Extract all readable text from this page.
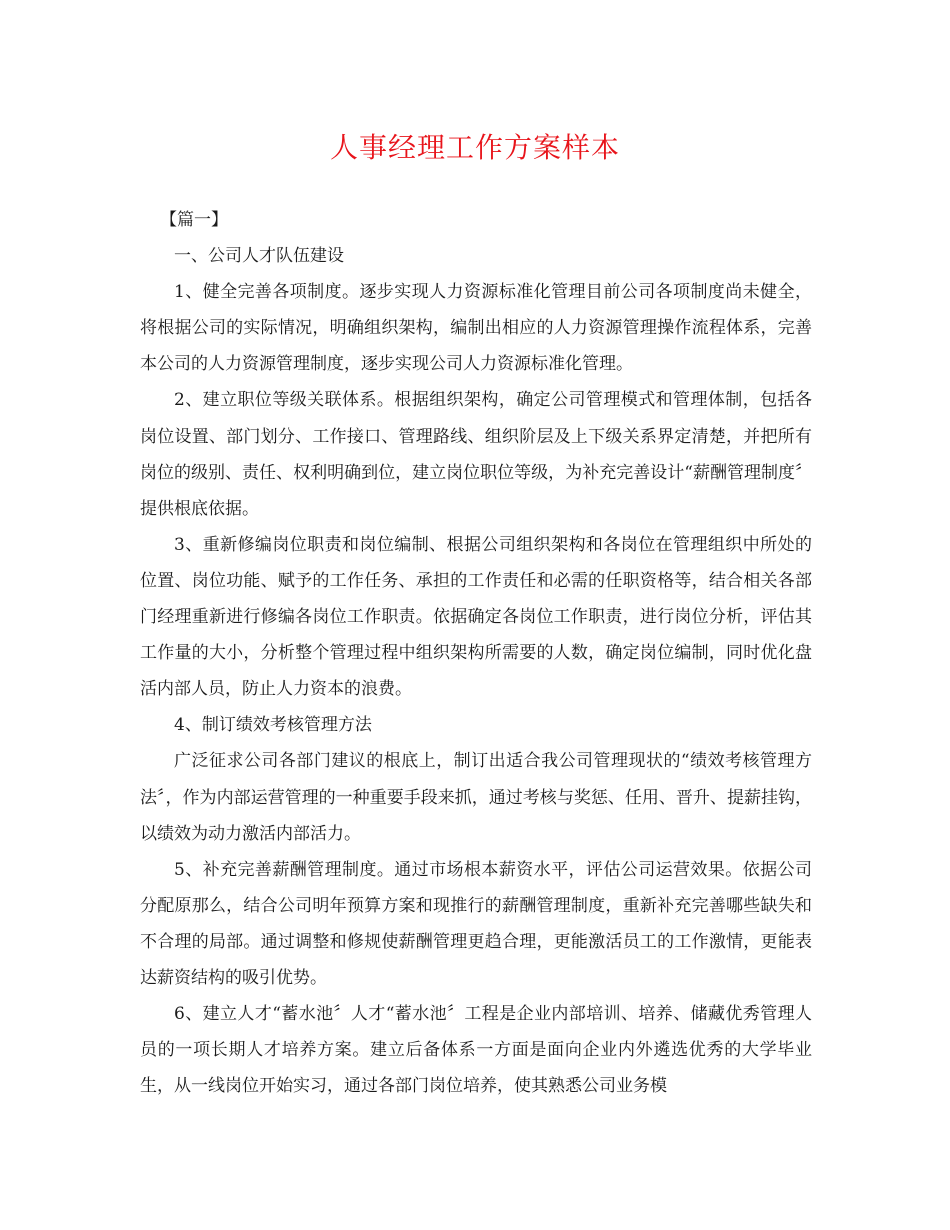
人事经理工作方案样本

【篇一】

一、公司人才队伍建设

1、健全完善各项制度。逐步实现人力资源标准化管理目前公司各项制度尚未健全，将根据公司的实际情况，明确组织架构，编制出相应的人力资源管理操作流程体系，完善本公司的人力资源管理制度，逐步实现公司人力资源标准化管理。

2、建立职位等级关联体系。根据组织架构，确定公司管理模式和管理体制，包括各岗位设置、部门划分、工作接口、管理路线、组织阶层及上下级关系界定清楚，并把所有岗位的级别、责任、权利明确到位，建立岗位职位等级，为补充完善设计“薪酬管理制度〞提供根底依据。

3、重新修编岗位职责和岗位编制、根据公司组织架构和各岗位在管理组织中所处的位置、岗位功能、赋予的工作任务、承担的工作责任和必需的任职资格等，结合相关各部门经理重新进行修编各岗位工作职责。依据确定各岗位工作职责，进行岗位分析，评估其工作量的大小，分析整个管理过程中组织架构所需要的人数，确定岗位编制，同时优化盘活内部人员，防止人力资本的浪费。

4、制订绩效考核管理方法

广泛征求公司各部门建议的根底上，制订出适合我公司管理现状的“绩效考核管理方法〞，作为内部运营管理的一种重要手段来抓，通过考核与奖惩、任用、晋升、提薪挂钩，以绩效为动力激活内部活力。

5、补充完善薪酬管理制度。通过市场根本薪资水平，评估公司运营效果。依据公司分配原那么，结合公司明年预算方案和现推行的薪酬管理制度，重新补充完善哪些缺失和不合理的局部。通过调整和修规使薪酬管理更趋合理，更能激活员工的工作激情，更能表达薪资结构的吸引优势。

6、建立人才“蓄水池〞人才“蓄水池〞工程是企业内部培训、培养、储藏优秀管理人员的一项长期人才培养方案。建立后备体系一方面是面向企业内外遴选优秀的大学毕业生，从一线岗位开始实习，通过各部门岗位培养，使其熟悉公司业务模
